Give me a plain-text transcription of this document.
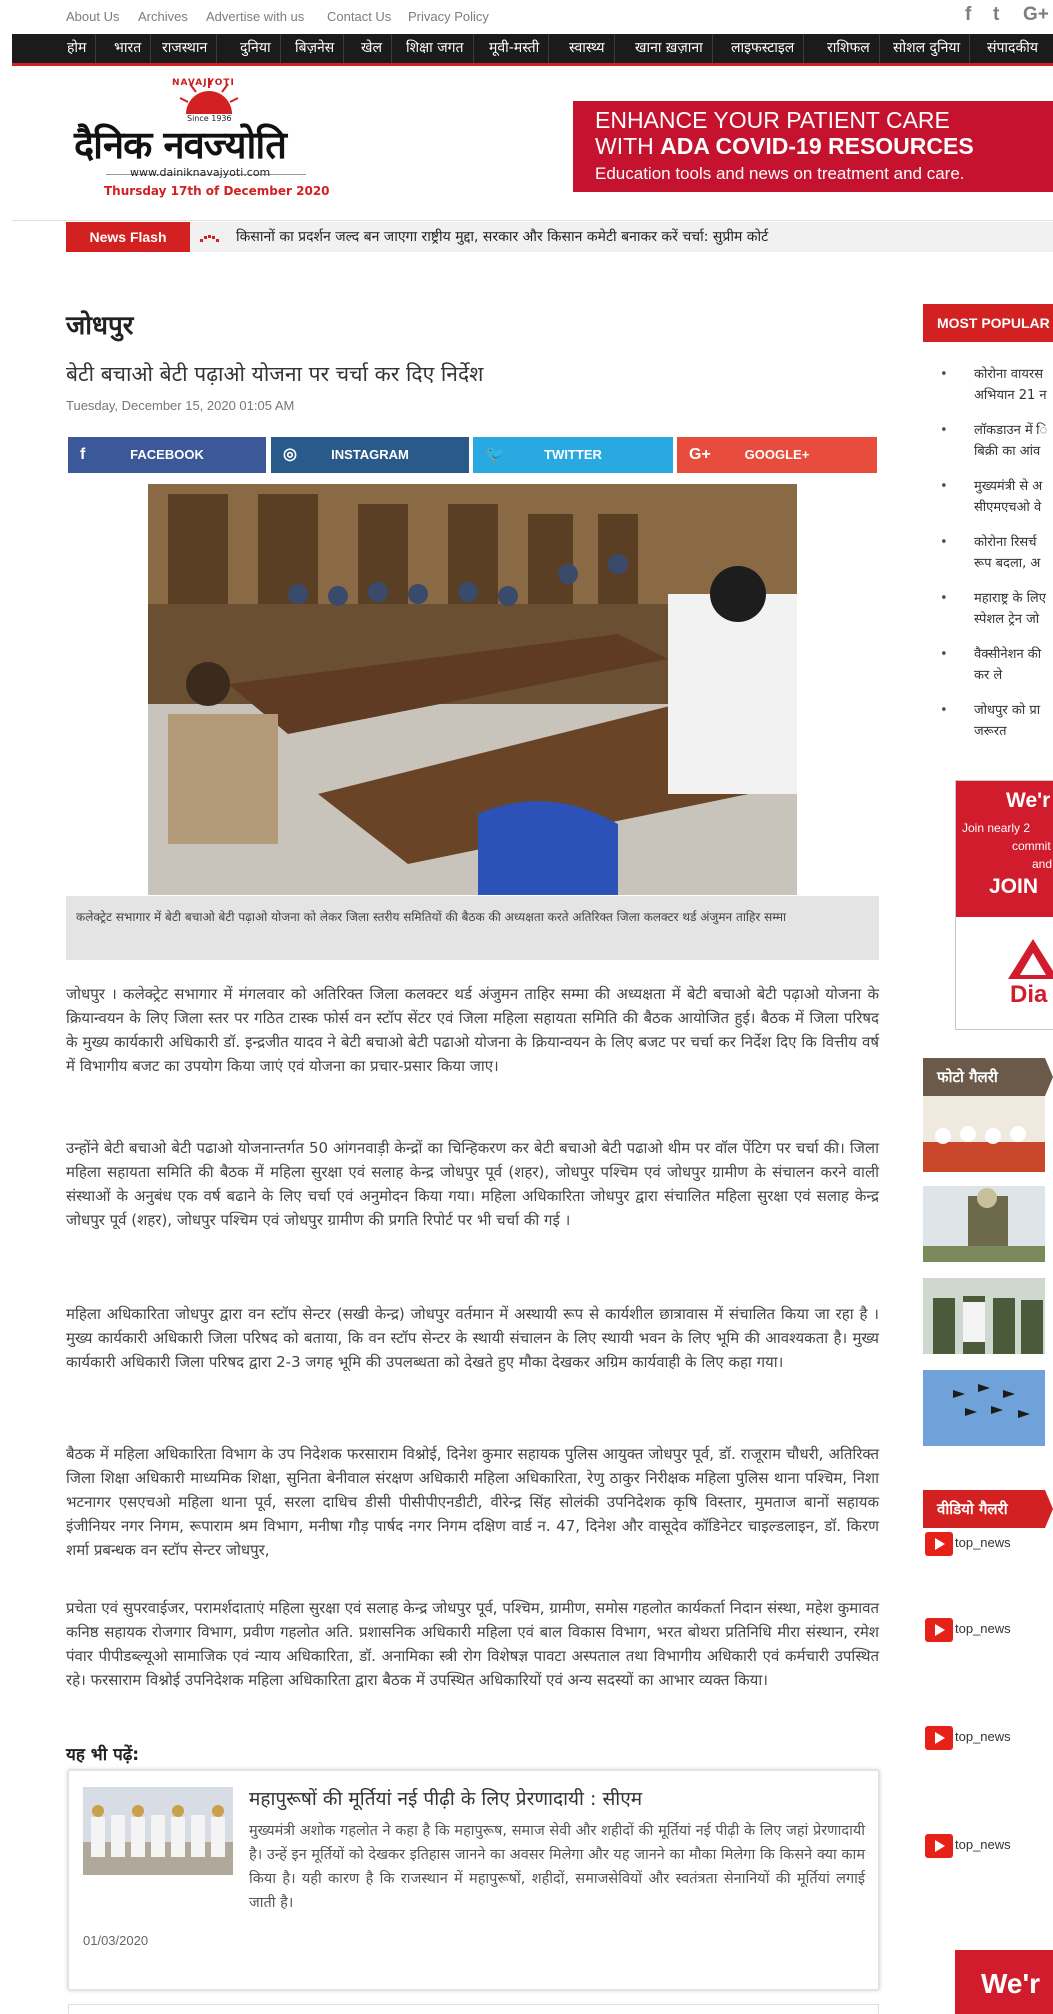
About Us Archives Advertise with us Contact Us Privacy Policy	f t G+
होम	भारत	राजस्थान	दुनिया	बिज़नेस	खेल	शिक्षा जगत	मूवी-मस्ती	स्वास्थ्य	खाना ख़ज़ाना	लाइफस्टाइल	राशिफल	सोशल दुनिया	संपादकीय
NAVAJYOTI
Since 1936
दैनिक नवज्योति
www.dainiknavajyoti.com
Thursday 17th of December 2020
ENHANCE YOUR PATIENT CARE
WITH ADA COVID-19 RESOURCES
Education tools and news on treatment and care.
News Flash	किसानों का प्रदर्शन जल्द बन जाएगा राष्ट्रीय मुद्दा, सरकार और किसान कमेटी बनाकर करें चर्चा: सुप्रीम कोर्ट
जोधपुर
बेटी बचाओ बेटी पढ़ाओ योजना पर चर्चा कर दिए निर्देश
Tuesday, December 15, 2020 01:05 AM
f	FACEBOOK	◎	INSTAGRAM	🐦	TWITTER	G+	GOOGLE+
कलेक्ट्रेट सभागार में बेटी बचाओ बेटी पढ़ाओ योजना को लेकर जिला स्तरीय समितियों की बैठक की अध्यक्षता करते अतिरिक्त जिला कलक्टर थर्ड अंजुमन ताहिर सम्मा
जोधपुर । कलेक्ट्रेट सभागार में मंगलवार को अतिरिक्त जिला कलक्टर थर्ड अंजुमन ताहिर सम्मा की अध्यक्षता में बेटी बचाओ बेटी पढ़ाओ योजना के क्रियान्वयन के लिए जिला स्तर पर गठित टास्क फोर्स वन स्टॉप सेंटर एवं जिला महिला सहायता समिति की बैठक आयोजित हुई। बैठक में जिला परिषद के मुख्य कार्यकारी अधिकारी डॉ. इन्द्रजीत यादव ने बेटी बचाओ बेटी पढाओ योजना के क्रियान्वयन के लिए बजट पर चर्चा कर निर्देश दिए कि वित्तीय वर्ष में विभागीय बजट का उपयोग किया जाएं एवं योजना का प्रचार-प्रसार किया जाए।
उन्होंने बेटी बचाओ बेटी पढाओ योजनान्तर्गत 50 आंगनवाड़ी केन्द्रों का चिन्हिकरण कर बेटी बचाओ बेटी पढाओ थीम पर वॉल पेंटिग पर चर्चा की। जिला महिला सहायता समिति की बैठक में महिला सुरक्षा एवं सलाह केन्द्र जोधपुर पूर्व (शहर), जोधपुर पश्चिम एवं जोधपुर ग्रामीण के संचालन करने वाली संस्थाओं के अनुबंध एक वर्ष बढाने के लिए चर्चा एवं अनुमोदन किया गया। महिला अधिकारिता जोधपुर द्वारा संचालित महिला सुरक्षा एवं सलाह केन्द्र जोधपुर पूर्व (शहर), जोधपुर पश्चिम एवं जोधपुर ग्रामीण की प्रगति रिपोर्ट पर भी चर्चा की गई ।
महिला अधिकारिता जोधपुर द्वारा वन स्टॉप सेन्टर (सखी केन्द्र) जोधपुर वर्तमान में अस्थायी रूप से कार्यशील छात्रावास में संचालित किया जा रहा है । मुख्य कार्यकारी अधिकारी जिला परिषद को बताया, कि वन स्टॉप सेन्टर के स्थायी संचालन के लिए स्थायी भवन के लिए भूमि की आवश्यकता है। मुख्य कार्यकारी अधिकारी जिला परिषद द्वारा 2-3 जगह भूमि की उपलब्धता को देखते हुए मौका देखकर अग्रिम कार्यवाही के लिए कहा गया।
बैठक में महिला अधिकारिता विभाग के उप निदेशक फरसाराम विश्नोई, दिनेश कुमार सहायक पुलिस आयुक्त जोधपुर पूर्व, डॉ. राजूराम चौधरी, अतिरिक्त जिला शिक्षा अधिकारी माध्यमिक शिक्षा, सुनिता बेनीवाल संरक्षण अधिकारी महिला अधिकारिता, रेणु ठाकुर निरीक्षक महिला पुलिस थाना पश्चिम, निशा भटनागर एसएचओ महिला थाना पूर्व, सरला दाधिच डीसी पीसीपीएनडीटी, वीरेन्द्र सिंह सोलंकी उपनिदेशक कृषि विस्तार, मुमताज बानों सहायक इंजीनियर नगर निगम, रूपाराम श्रम विभाग, मनीषा गौड़ पार्षद नगर निगम दक्षिण वार्ड न. 47, दिनेश और वासूदेव कॉडिनेटर चाइल्डलाइन, डॉ. किरण शर्मा प्रबन्धक वन स्टॉप सेन्टर जोधपुर,
प्रचेता एवं सुपरवाईजर, परामर्शदाताएं महिला सुरक्षा एवं सलाह केन्द्र जोधपुर पूर्व, पश्चिम, ग्रामीण, समोस गहलोत कार्यकर्ता निदान संस्था, महेश कुमावत कनिष्ठ सहायक रोजगार विभाग, प्रवीण गहलोत अति. प्रशासनिक अधिकारी महिला एवं बाल विकास विभाग, भरत बोथरा प्रतिनिधि मीरा संस्थान, रमेश पंवार पीपीडब्ल्यूओ सामाजिक एवं न्याय अधिकारिता, डॉ. अनामिका स्त्री रोग विशेषज्ञ पावटा अस्पताल तथा विभागीय अधिकारी एवं कर्मचारी उपस्थित रहे। फरसाराम विश्नोई उपनिदेशक महिला अधिकारिता द्वारा बैठक में उपस्थित अधिकारियों एवं अन्य सदस्यों का आभार व्यक्त किया।
यह भी पढ़ें:
महापुरूषों की मूर्तियां नई पीढ़ी के लिए प्रेरणादायी : सीएम
मुख्यमंत्री अशोक गहलोत ने कहा है कि महापुरूष, समाज सेवी और शहीदों की मूर्तियां नई पीढ़ी के लिए जहां प्रेरणादायी है। उन्हें इन मूर्तियों को देखकर इतिहास जानने का अवसर मिलेगा और यह जानने का मौका मिलेगा कि किसने क्या काम किया है। यही कारण है कि राजस्थान में महापुरूषों, शहीदों, समाजसेवियों और स्वतंत्रता सेनानियों की मूर्तियां लगाई जाती है।
01/03/2020
MOST POPULAR
• कोरोना वायरस
अभियान 21 न
• लॉकडाउन में ि
बिक्री का आंव
• मुख्यमंत्री से अ
सीएमएचओ वे
• कोरोना रिसर्च
रूप बदला, अ
• महाराष्ट्र के लिए
स्पेशल ट्रेन जो
• वैक्सीनेशन की
कर ले
• जोधपुर को प्रा
जरूरत
We'r
Join nearly 2
commit
and
JOIN
Dia
फोटो गैलरी
वीडियो गैलरी
top_news
top_news
top_news
top_news
We'r
